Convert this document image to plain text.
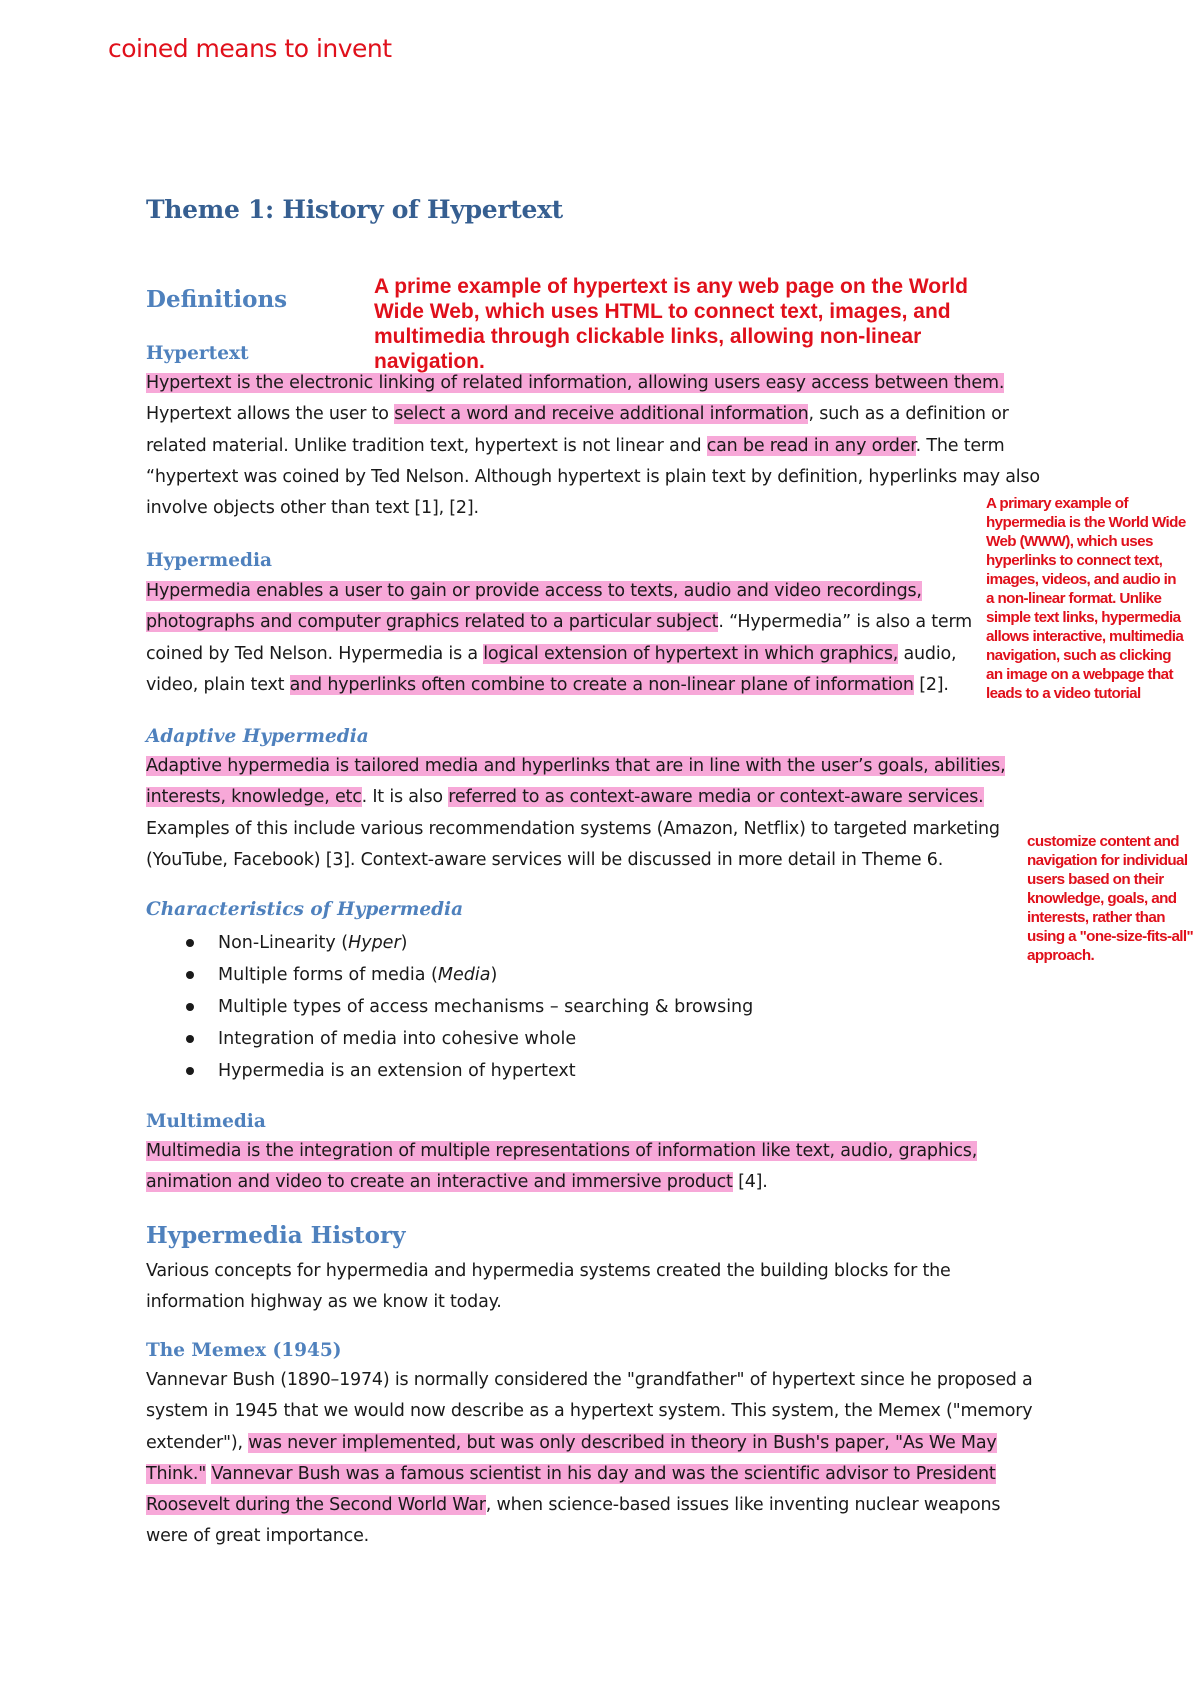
coined means to invent
Theme 1: History of Hypertext
Definitions	A prime example of hypertext is any web page on the World Wide Web, which uses HTML to connect text, images, and multimedia through clickable links, allowing non-linear navigation.
Hypertext
Hypertext is the electronic linking of related information, allowing users easy access between them. Hypertext allows the user to select a word and receive additional information, such as a definition or related material. Unlike tradition text, hypertext is not linear and can be read in any order. The term “hypertext was coined by Ted Nelson. Although hypertext is plain text by definition, hyperlinks may also involve objects other than text [1], [2].
Hypermedia
Hypermedia enables a user to gain or provide access to texts, audio and video recordings, photographs and computer graphics related to a particular subject. “Hypermedia” is also a term coined by Ted Nelson. Hypermedia is a logical extension of hypertext in which graphics, audio, video, plain text and hyperlinks often combine to create a non-linear plane of information [2].
A primary example of hypermedia is the World Wide Web (WWW), which uses hyperlinks to connect text, images, videos, and audio in a non-linear format. Unlike simple text links, hypermedia allows interactive, multimedia navigation, such as clicking an image on a webpage that leads to a video tutorial
Adaptive Hypermedia
Adaptive hypermedia is tailored media and hyperlinks that are in line with the user’s goals, abilities, interests, knowledge, etc. It is also referred to as context-aware media or context-aware services. Examples of this include various recommendation systems (Amazon, Netflix) to targeted marketing (YouTube, Facebook) [3]. Context-aware services will be discussed in more detail in Theme 6.
customize content and navigation for individual users based on their knowledge, goals, and interests, rather than using a "one-size-fits-all" approach.
Characteristics of Hypermedia
Non-Linearity (Hyper)
Multiple forms of media (Media)
Multiple types of access mechanisms – searching & browsing
Integration of media into cohesive whole
Hypermedia is an extension of hypertext
Multimedia
Multimedia is the integration of multiple representations of information like text, audio, graphics, animation and video to create an interactive and immersive product [4].
Hypermedia History
Various concepts for hypermedia and hypermedia systems created the building blocks for the information highway as we know it today.
The Memex (1945)
Vannevar Bush (1890–1974) is normally considered the "grandfather" of hypertext since he proposed a system in 1945 that we would now describe as a hypertext system. This system, the Memex ("memory extender"), was never implemented, but was only described in theory in Bush's paper, "As We May Think." Vannevar Bush was a famous scientist in his day and was the scientific advisor to President Roosevelt during the Second World War, when science-based issues like inventing nuclear weapons were of great importance.
